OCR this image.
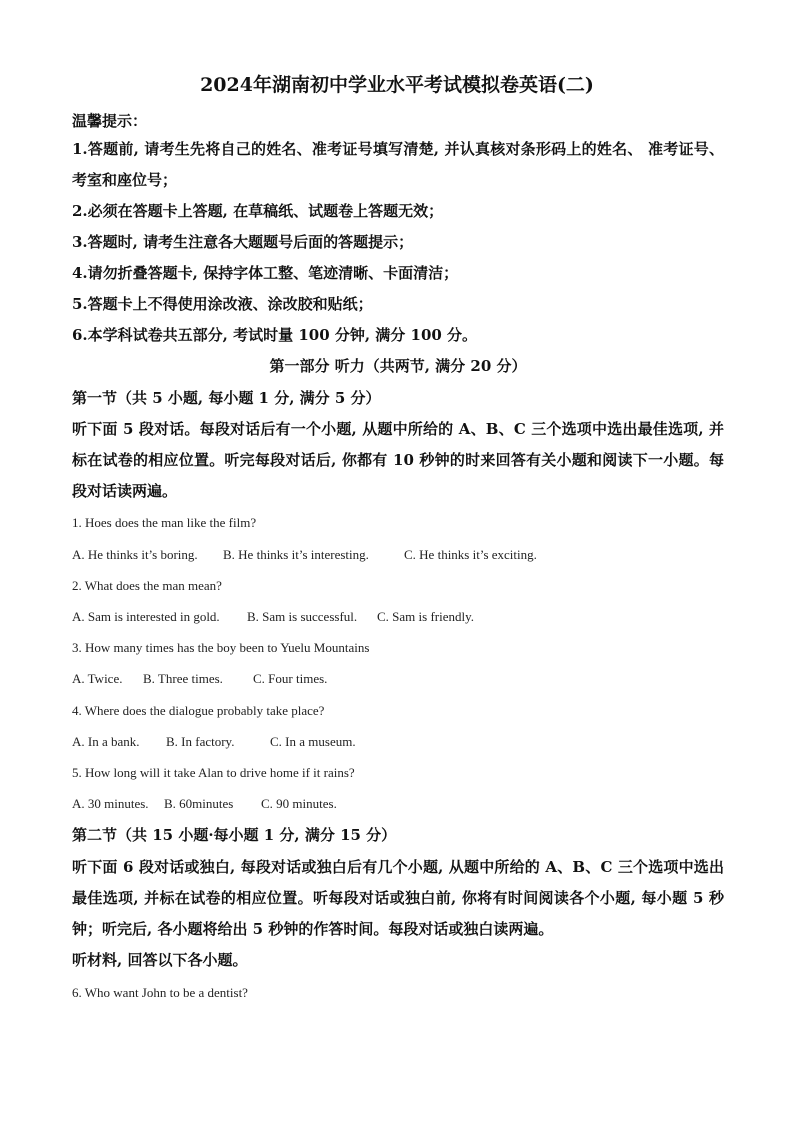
2024年湖南初中学业水平考试模拟卷英语(二)
温馨提示：
1.答题前, 请考生先将自己的姓名、准考证号填写清楚, 并认真核对条形码上的姓名、 准考证号、考室和座位号；
2.必须在答题卡上答题, 在草稿纸、试题卷上答题无效；
3.答题时, 请考生注意各大题题号后面的答题提示；
4.请勿折叠答题卡, 保持字体工整、笔迹清晰、卡面清洁；
5.答题卡上不得使用涂改液、涂改胶和贴纸；
6.本学科试卷共五部分, 考试时量 100 分钟, 满分 100 分。
第一部分 听力（共两节, 满分 20 分）
第一节（共 5 小题, 每小题 1 分, 满分 5 分）
听下面 5 段对话。每段对话后有一个小题, 从题中所给的 A、B、C 三个选项中选出最佳选项, 并标在试卷的相应位置。听完每段对话后, 你都有 10 秒钟的时来回答有关小题和阅读下一小题。每段对话读两遍。
1. Hoes does the man like the film?
A. He thinks it’s boring. B. He thinks it’s interesting.	C. He thinks it’s exciting.
2. What does the man mean?
A. Sam is interested in gold. B. Sam is successful. C. Sam is friendly.
3. How many times has the boy been to Yuelu Mountains
A. Twice. B. Three times. C. Four times.
4. Where does the dialogue probably take place?
A. In a bank. B. In factory.	C. In a museum.
5. How long will it take Alan to drive home if it rains?
A. 30 minutes. B. 60minutes C. 90 minutes.
第二节（共 15 小题·每小题 1 分, 满分 15 分）
听下面 6 段对话或独白, 每段对话或独白后有几个小题, 从题中所给的 A、B、C 三个选项中选出最佳选项, 并标在试卷的相应位置。听每段对话或独白前, 你将有时间阅读各个小题, 每小题 5 秒钟；听完后, 各小题将给出 5 秒钟的作答时间。每段对话或独白读两遍。
听材料, 回答以下各小题。
6. Who want John to be a dentist?
